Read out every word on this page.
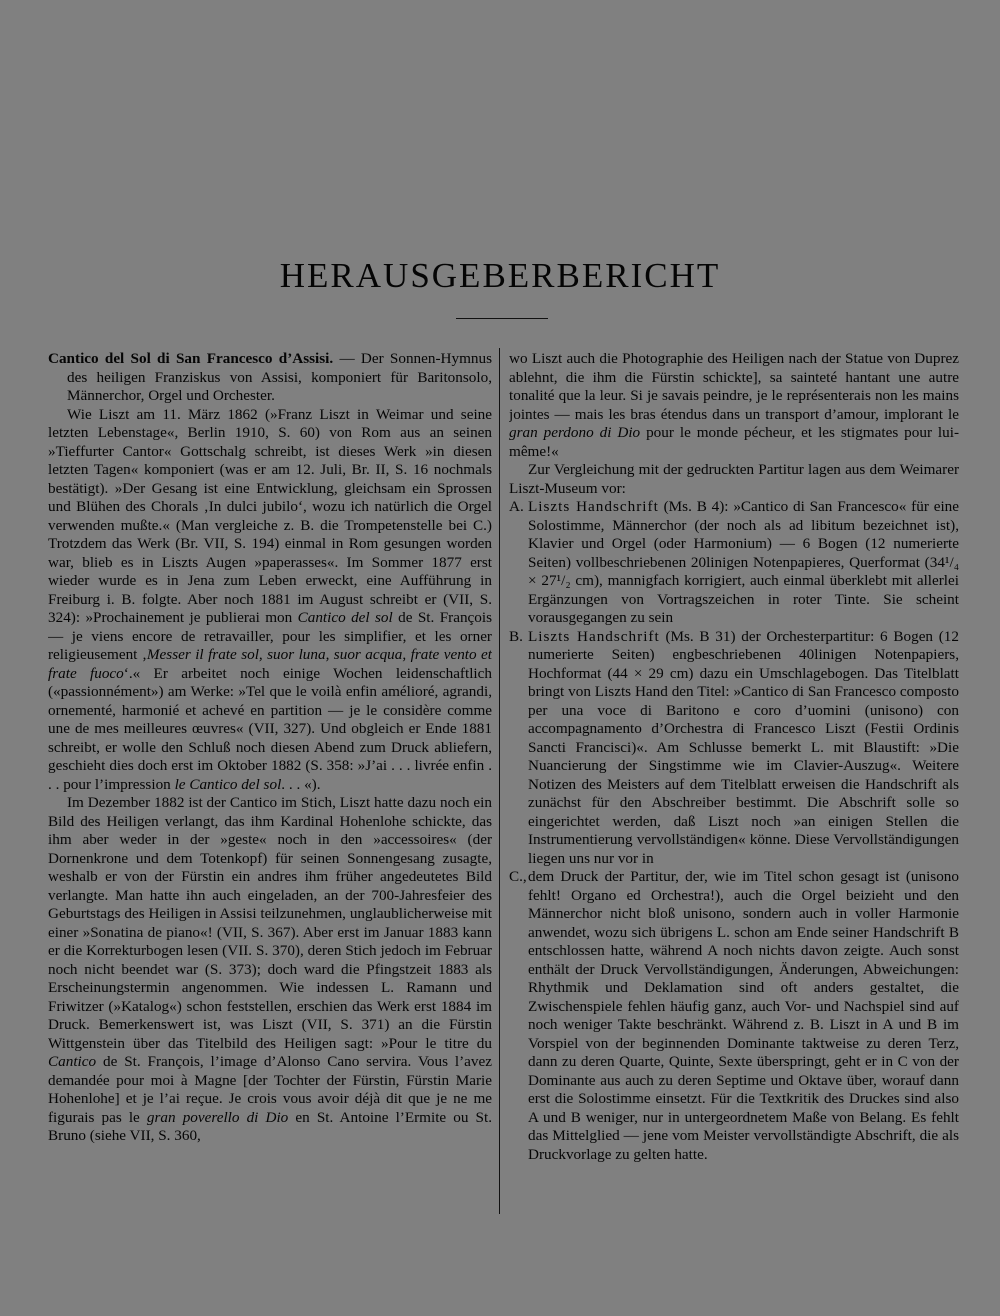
HERAUSGEBERBERICHT

Cantico del Sol di San Francesco d’Assisi. — Der Sonnen-Hymnus des heiligen Franziskus von Assisi, komponiert für Baritonsolo, Männerchor, Orgel und Orchester.

Wie Liszt am 11. März 1862 (»Franz Liszt in Weimar und seine letzten Lebenstage«, Berlin 1910, S. 60) von Rom aus an seinen »Tieffurter Cantor« Gottschalg schreibt, ist dieses Werk »in diesen letzten Tagen« komponiert (was er am 12. Juli, Br. II, S. 16 nochmals bestätigt). »Der Gesang ist eine Entwicklung, gleichsam ein Sprossen und Blühen des Chorals ‚In dulci jubilo‘, wozu ich natürlich die Orgel verwenden mußte.« (Man vergleiche z. B. die Trompetenstelle bei C.) Trotzdem das Werk (Br. VII, S. 194) einmal in Rom gesungen worden war, blieb es in Liszts Augen »paperasses«. Im Sommer 1877 erst wieder wurde es in Jena zum Leben erweckt, eine Aufführung in Freiburg i. B. folgte. Aber noch 1881 im August schreibt er (VII, S. 324): »Prochainement je publierai mon Cantico del sol de St. François — je viens encore de retravailler, pour les simplifier, et les orner religieusement ‚Messer il frate sol, suor luna, suor acqua, frate vento et frate fuoco‘.« Er arbeitet noch einige Wochen leidenschaftlich («passionnément») am Werke: »Tel que le voilà enfin amélioré, agrandi, ornementé, harmonié et achevé en partition — je le considère comme une de mes meilleures œuvres« (VII, 327). Und obgleich er Ende 1881 schreibt, er wolle den Schluß noch diesen Abend zum Druck abliefern, geschieht dies doch erst im Oktober 1882 (S. 358: »J’ai . . . livrée enfin . . . pour l’impression le Cantico del sol. . . «).

Im Dezember 1882 ist der Cantico im Stich, Liszt hatte dazu noch ein Bild des Heiligen verlangt, das ihm Kardinal Hohenlohe schickte, das ihm aber weder in der »geste« noch in den »accessoires« (der Dornenkrone und dem Totenkopf) für seinen Sonnengesang zusagte, weshalb er von der Fürstin ein andres ihm früher angedeutetes Bild verlangte. Man hatte ihn auch eingeladen, an der 700-Jahresfeier des Geburtstags des Heiligen in Assisi teilzunehmen, unglaublicherweise mit einer »Sonatina de piano«! (VII, S. 367). Aber erst im Januar 1883 kann er die Korrekturbogen lesen (VII. S. 370), deren Stich jedoch im Februar noch nicht beendet war (S. 373); doch ward die Pfingstzeit 1883 als Erscheinungstermin angenommen. Wie indessen L. Ramann und Friwitzer (»Katalog«) schon feststellen, erschien das Werk erst 1884 im Druck. Bemerkenswert ist, was Liszt (VII, S. 371) an die Fürstin Wittgenstein über das Titelbild des Heiligen sagt: »Pour le titre du Cantico de St. François, l’image d’Alonso Cano servira. Vous l’avez demandée pour moi à Magne [der Tochter der Fürstin, Fürstin Marie Hohenlohe] et je l’ai reçue. Je crois vous avoir déjà dit que je ne me figurais pas le gran poverello di Dio en St. Antoine l’Ermite ou St. Bruno (siehe VII, S. 360,

wo Liszt auch die Photographie des Heiligen nach der Statue von Duprez ablehnt, die ihm die Fürstin schickte], sa sainteté hantant une autre tonalité que la leur. Si je savais peindre, je le représenterais non les mains jointes — mais les bras étendus dans un transport d’amour, implorant le gran perdono di Dio pour le monde pécheur, et les stigmates pour lui-même!«

Zur Vergleichung mit der gedruckten Partitur lagen aus dem Weimarer Liszt-Museum vor:

A. Liszts Handschrift (Ms. B 4): »Cantico di San Francesco« für eine Solostimme, Männerchor (der noch als ad libitum bezeichnet ist), Klavier und Orgel (oder Harmonium) — 6 Bogen (12 numerierte Seiten) vollbeschriebenen 20linigen Notenpapieres, Querformat (34¹/₄ × 27¹/₂ cm), mannigfach korrigiert, auch einmal überklebt mit allerlei Ergänzungen von Vortragszeichen in roter Tinte. Sie scheint vorausgegangen zu sein

B. Liszts Handschrift (Ms. B 31) der Orchesterpartitur: 6 Bogen (12 numerierte Seiten) engbeschriebenen 40linigen Notenpapiers, Hochformat (44 × 29 cm) dazu ein Umschlagebogen. Das Titelblatt bringt von Liszts Hand den Titel: »Cantico di San Francesco composto per una voce di Baritono e coro d’uomini (unisono) con accompagnamento d’Orchestra di Francesco Liszt (Festii Ordinis Sancti Francisci)«. Am Schlusse bemerkt L. mit Blaustift: »Die Nuancierung der Singstimme wie im Clavier-Auszug«. Weitere Notizen des Meisters auf dem Titelblatt erweisen die Handschrift als zunächst für den Abschreiber bestimmt. Die Abschrift solle so eingerichtet werden, daß Liszt noch »an einigen Stellen die Instrumentierung vervollständigen« könne. Diese Vervollständigungen liegen uns nur vor in

C., dem Druck der Partitur, der, wie im Titel schon gesagt ist (unisono fehlt! Organo ed Orchestra!), auch die Orgel beizieht und den Männerchor nicht bloß unisono, sondern auch in voller Harmonie anwendet, wozu sich übrigens L. schon am Ende seiner Handschrift B entschlossen hatte, während A noch nichts davon zeigte. Auch sonst enthält der Druck Vervollständigungen, Änderungen, Abweichungen: Rhythmik und Deklamation sind oft anders gestaltet, die Zwischenspiele fehlen häufig ganz, auch Vor- und Nachspiel sind auf noch weniger Takte beschränkt. Während z. B. Liszt in A und B im Vorspiel von der beginnenden Dominante taktweise zu deren Terz, dann zu deren Quarte, Quinte, Sexte überspringt, geht er in C von der Dominante aus auch zu deren Septime und Oktave über, worauf dann erst die Solostimme einsetzt. Für die Textkritik des Druckes sind also A und B weniger, nur in untergeordnetem Maße von Belang. Es fehlt das Mittelglied — jene vom Meister vervollständigte Abschrift, die als Druckvorlage zu gelten hatte.
